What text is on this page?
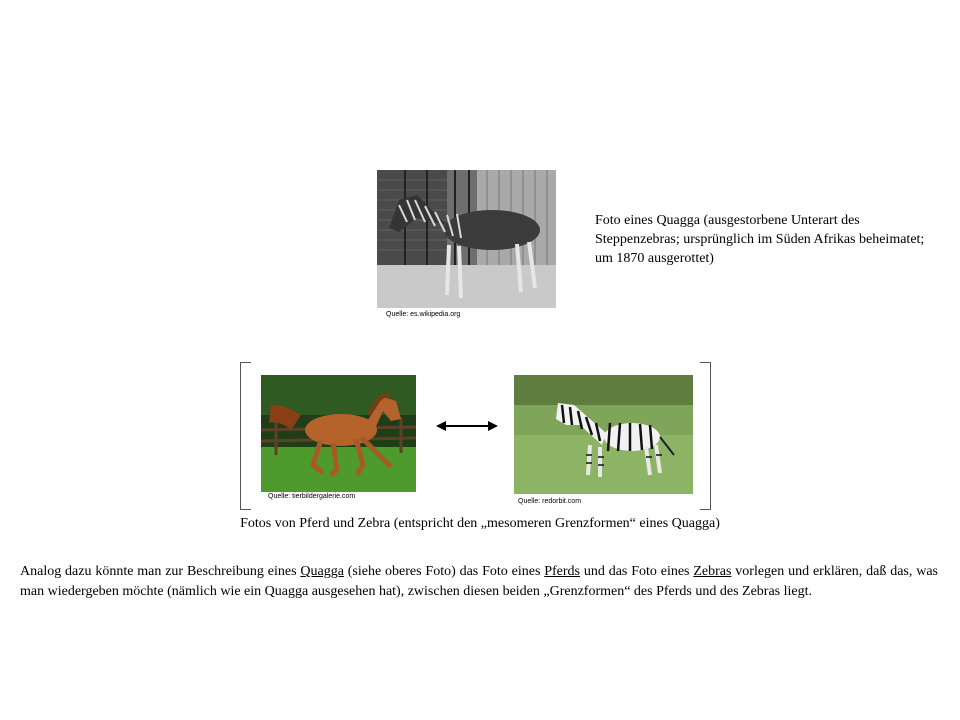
Quelle: es.wikipedia.org
Foto eines Quagga (ausgestorbene Unterart des Steppenzebras; ursprünglich im Süden Afrikas beheimatet; um 1870 ausgerottet)
Quelle: tierbildergalerie.com
Quelle: redorbit.com
Fotos von Pferd und Zebra (entspricht den „mesomeren Grenzformen“ eines Quagga)
Analog dazu könnte man zur Beschreibung eines Quagga (siehe oberes Foto) das Foto eines Pferds und das Foto eines Zebras vorlegen und erklären, daß das, was man wiedergeben möchte (nämlich wie ein Quagga ausgesehen hat), zwischen diesen beiden „Grenzformen“ des Pferds und des Zebras liegt.
